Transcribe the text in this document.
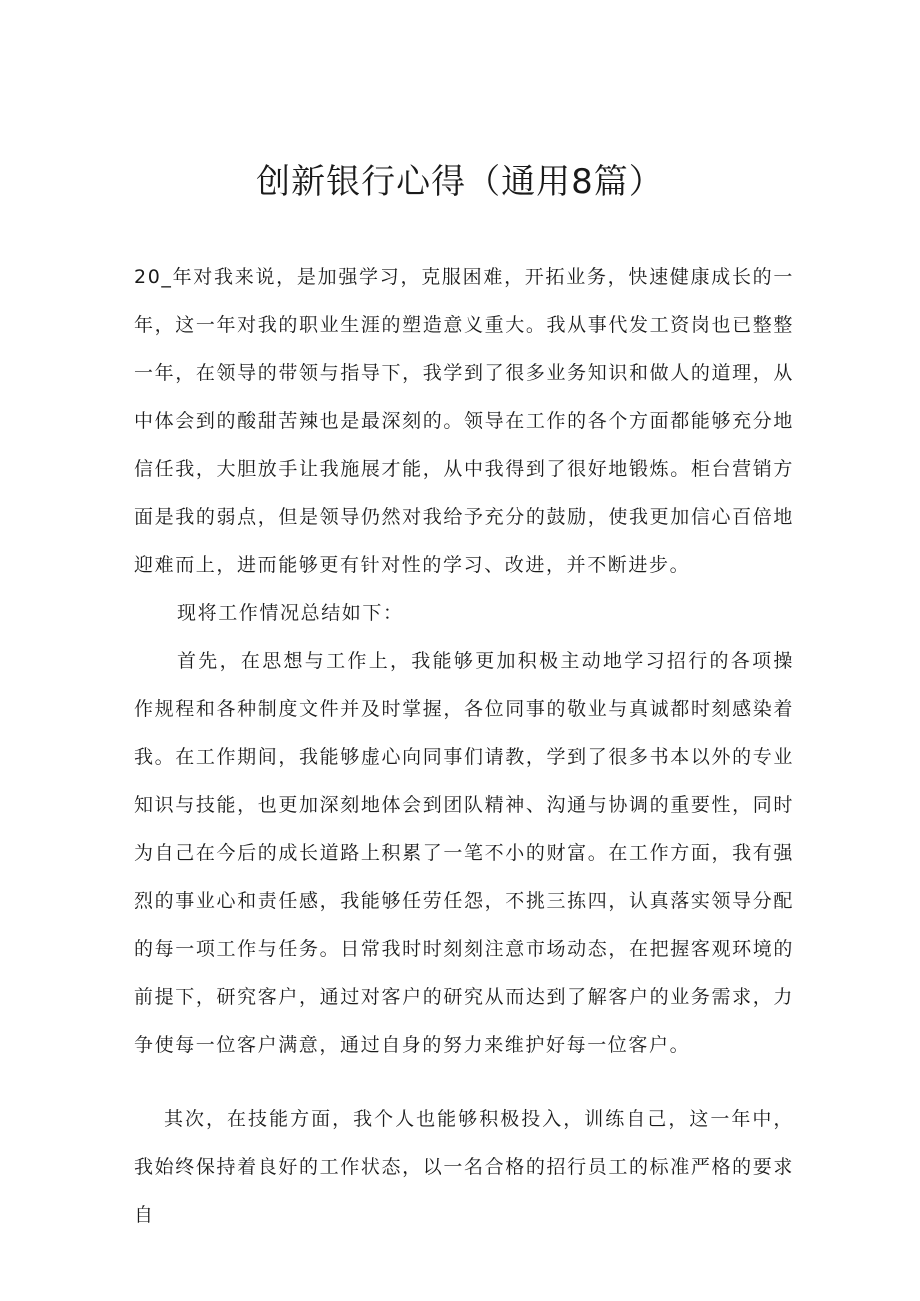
创新银行心得（通用8篇）

20_年对我来说，是加强学习，克服困难，开拓业务，快速健康成长的一年，这一年对我的职业生涯的塑造意义重大。我从事代发工资岗也已整整一年，在领导的带领与指导下，我学到了很多业务知识和做人的道理，从中体会到的酸甜苦辣也是最深刻的。领导在工作的各个方面都能够充分地信任我，大胆放手让我施展才能，从中我得到了很好地锻炼。柜台营销方面是我的弱点，但是领导仍然对我给予充分的鼓励，使我更加信心百倍地迎难而上，进而能够更有针对性的学习、改进，并不断进步。

现将工作情况总结如下：

首先，在思想与工作上，我能够更加积极主动地学习招行的各项操作规程和各种制度文件并及时掌握，各位同事的敬业与真诚都时刻感染着我。在工作期间，我能够虚心向同事们请教，学到了很多书本以外的专业知识与技能，也更加深刻地体会到团队精神、沟通与协调的重要性，同时为自己在今后的成长道路上积累了一笔不小的财富。在工作方面，我有强烈的事业心和责任感，我能够任劳任怨，不挑三拣四，认真落实领导分配的每一项工作与任务。日常我时时刻刻注意市场动态，在把握客观环境的前提下，研究客户，通过对客户的研究从而达到了解客户的业务需求，力争使每一位客户满意，通过自身的努力来维护好每一位客户。

其次，在技能方面，我个人也能够积极投入，训练自己，这一年中，我始终保持着良好的工作状态，以一名合格的招行员工的标准严格的要求自
